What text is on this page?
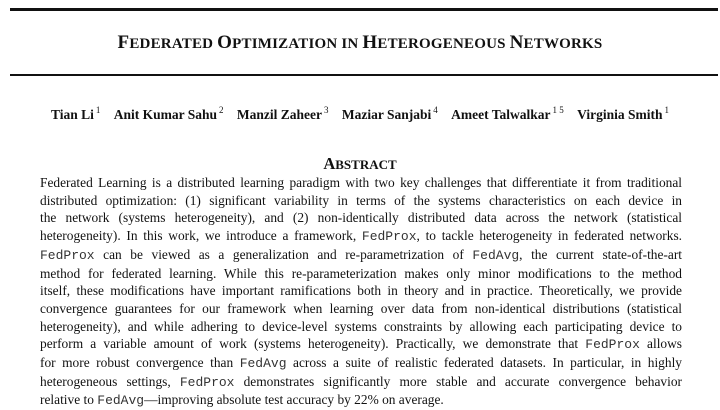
FEDERATED OPTIMIZATION IN HETEROGENEOUS NETWORKS
Tian Li $^1$ Anit Kumar Sahu $^2$ Manzil Zaheer $^3$ Maziar Sanjabi $^4$ Ameet Talwalkar $^{1 5}$ Virginia Smith $^1$
ABSTRACT
Federated Learning is a distributed learning paradigm with two key challenges that differentiate it from traditional
distributed optimization: (1) significant variability in terms of the systems characteristics on each device in
the network (systems heterogeneity), and (2) non-identically distributed data across the network (statistical
heterogeneity). In this work, we introduce a framework, FedProx, to tackle heterogeneity in federated networks.
FedProx can be viewed as a generalization and re-parametrization of FedAvg, the current state-of-the-art
method for federated learning. While this re-parameterization makes only minor modifications to the method
itself, these modifications have important ramifications both in theory and in practice. Theoretically, we provide
convergence guarantees for our framework when learning over data from non-identical distributions (statistical
heterogeneity), and while adhering to device-level systems constraints by allowing each participating device to
perform a variable amount of work (systems heterogeneity). Practically, we demonstrate that FedProx allows
for more robust convergence than FedAvg across a suite of realistic federated datasets. In particular, in highly
heterogeneous settings, FedProx demonstrates significantly more stable and accurate convergence behavior
relative to FedAvg—improving absolute test accuracy by 22% on average.
